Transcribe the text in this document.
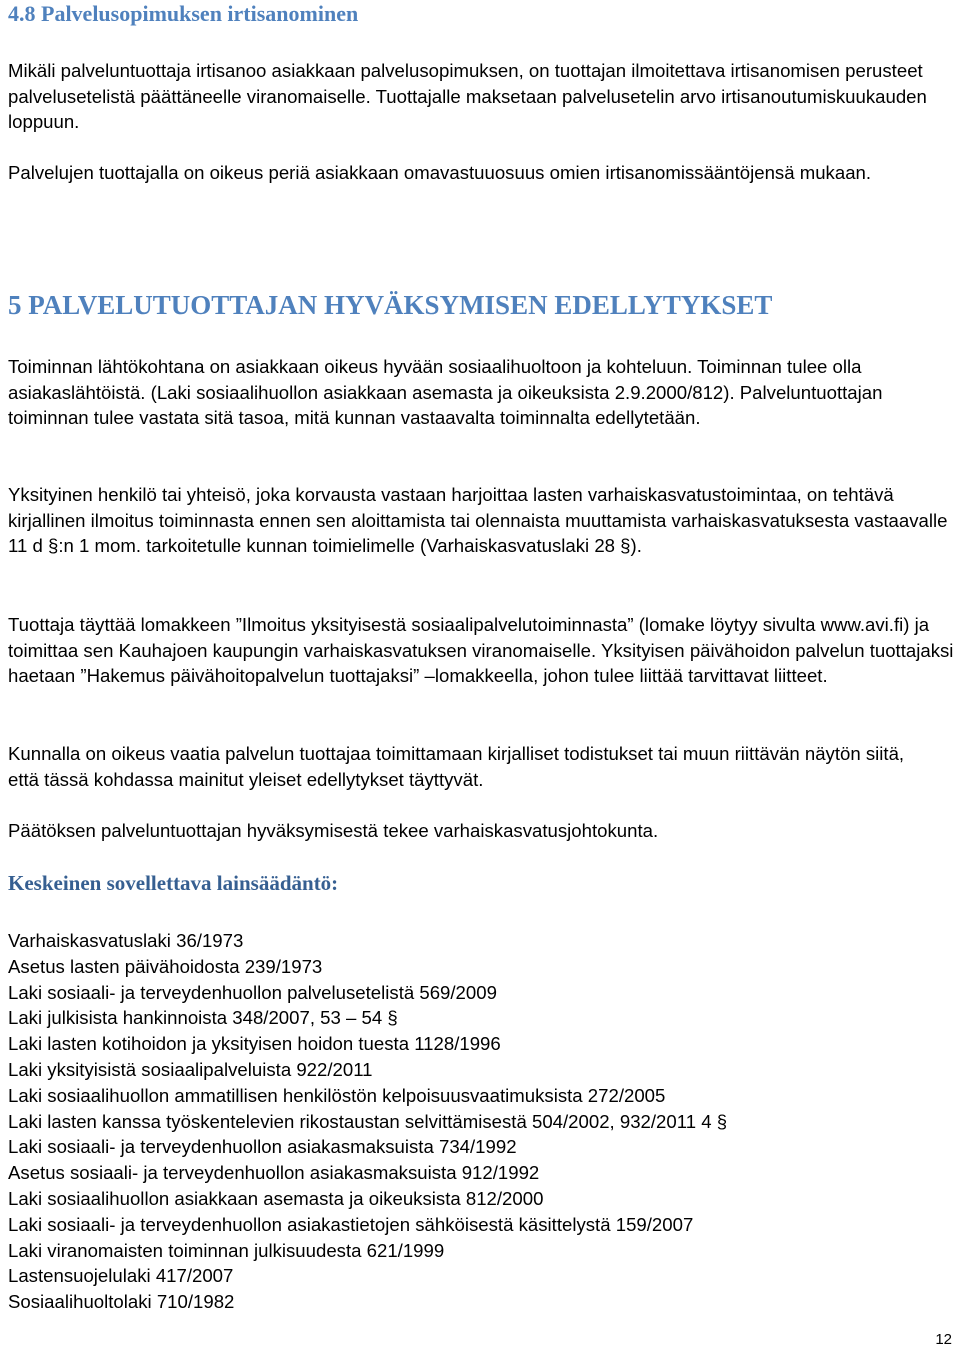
4.8 Palvelusopimuksen irtisanominen

Mikäli palveluntuottaja irtisanoo asiakkaan palvelusopimuksen, on tuottajan ilmoitettava irtisanomisen perusteet palvelusetelistä päättäneelle viranomaiselle. Tuottajalle maksetaan palvelusetelin arvo irtisanoutumiskuukauden loppuun.

Palvelujen tuottajalla on oikeus periä asiakkaan omavastuuosuus omien irtisanomissääntöjensä mukaan.

5 PALVELUTUOTTAJAN HYVÄKSYMISEN EDELLYTYKSET

Toiminnan lähtökohtana on asiakkaan oikeus hyvään sosiaalihuoltoon ja kohteluun. Toiminnan tulee olla asiakaslähtöistä. (Laki sosiaalihuollon asiakkaan asemasta ja oikeuksista 2.9.2000/812). Palveluntuottajan toiminnan tulee vastata sitä tasoa, mitä kunnan vastaavalta toiminnalta edellytetään.

Yksityinen henkilö tai yhteisö, joka korvausta vastaan harjoittaa lasten varhaiskasvatustoimintaa, on tehtävä kirjallinen ilmoitus toiminnasta ennen sen aloittamista tai olennaista muuttamista varhaiskasvatuksesta vastaavalle 11 d §:n 1 mom. tarkoitetulle kunnan toimielimelle (Varhaiskasvatuslaki 28 §).

Tuottaja täyttää lomakkeen ”Ilmoitus yksityisestä sosiaalipalvelutoiminnasta” (lomake löytyy sivulta www.avi.fi) ja toimittaa sen Kauhajoen kaupungin varhaiskasvatuksen viranomaiselle. Yksityisen päivähoidon palvelun tuottajaksi haetaan ”Hakemus päivähoitopalvelun tuottajaksi” –lomakkeella, johon tulee liittää tarvittavat liitteet.

Kunnalla on oikeus vaatia palvelun tuottajaa toimittamaan kirjalliset todistukset tai muun riittävän näytön siitä, että tässä kohdassa mainitut yleiset edellytykset täyttyvät.

Päätöksen palveluntuottajan hyväksymisestä tekee varhaiskasvatusjohtokunta.

Keskeinen sovellettava lainsäädäntö:
Varhaiskasvatuslaki 36/1973
Asetus lasten päivähoidosta 239/1973
Laki sosiaali- ja terveydenhuollon palvelusetelistä 569/2009
Laki julkisista hankinnoista 348/2007, 53 – 54 §
Laki lasten kotihoidon ja yksityisen hoidon tuesta 1128/1996
Laki yksityisistä sosiaalipalveluista 922/2011
Laki sosiaalihuollon ammatillisen henkilöstön kelpoisuusvaatimuksista 272/2005
Laki lasten kanssa työskentelevien rikostaustan selvittämisestä 504/2002, 932/2011 4 §
Laki sosiaali- ja terveydenhuollon asiakasmaksuista 734/1992
Asetus sosiaali- ja terveydenhuollon asiakasmaksuista 912/1992
Laki sosiaalihuollon asiakkaan asemasta ja oikeuksista 812/2000
Laki sosiaali- ja terveydenhuollon asiakastietojen sähköisestä käsittelystä 159/2007
Laki viranomaisten toiminnan julkisuudesta 621/1999
Lastensuojelulaki 417/2007
Sosiaalihuoltolaki 710/1982
12
